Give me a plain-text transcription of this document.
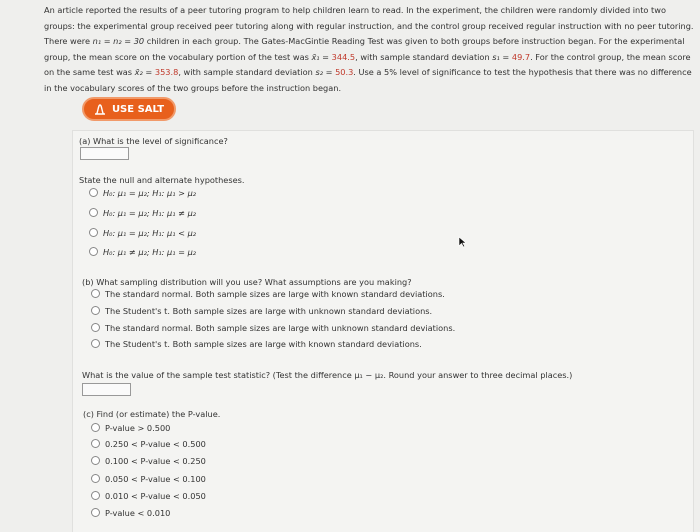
An article reported the results of a peer tutoring program to help children learn to read. In the experiment, the children were randomly divided into two groups: the experimental group received peer tutoring along with regular instruction, and the control group received regular instruction with no peer tutoring. There were n₁ = n₂ = 30 children in each group. The Gates-MacGintie Reading Test was given to both groups before instruction began. For the experimental group, the mean score on the vocabulary portion of the test was x̄₁ = 344.5, with sample standard deviation s₁ = 49.7. For the control group, the mean score on the same test was x̄₂ = 353.8, with sample standard deviation s₂ = 50.3. Use a 5% level of significance to test the hypothesis that there was no difference in the vocabulary scores of the two groups before the instruction began.
USE SALT
(a) What is the level of significance?
State the null and alternate hypotheses.
H₀: μ₁ = μ₂; H₁: μ₁ > μ₂
H₀: μ₁ = μ₂; H₁: μ₁ ≠ μ₂
H₀: μ₁ = μ₂; H₁: μ₁ < μ₂
H₀: μ₁ ≠ μ₂; H₁: μ₁ = μ₂
(b) What sampling distribution will you use? What assumptions are you making?
The standard normal. Both sample sizes are large with known standard deviations.
The Student's t. Both sample sizes are large with unknown standard deviations.
The standard normal. Both sample sizes are large with unknown standard deviations.
The Student's t. Both sample sizes are large with known standard deviations.
What is the value of the sample test statistic? (Test the difference μ₁ − μ₂. Round your answer to three decimal places.)
(c) Find (or estimate) the P-value.
P-value > 0.500
0.250 < P-value < 0.500
0.100 < P-value < 0.250
0.050 < P-value < 0.100
0.010 < P-value < 0.050
P-value < 0.010
